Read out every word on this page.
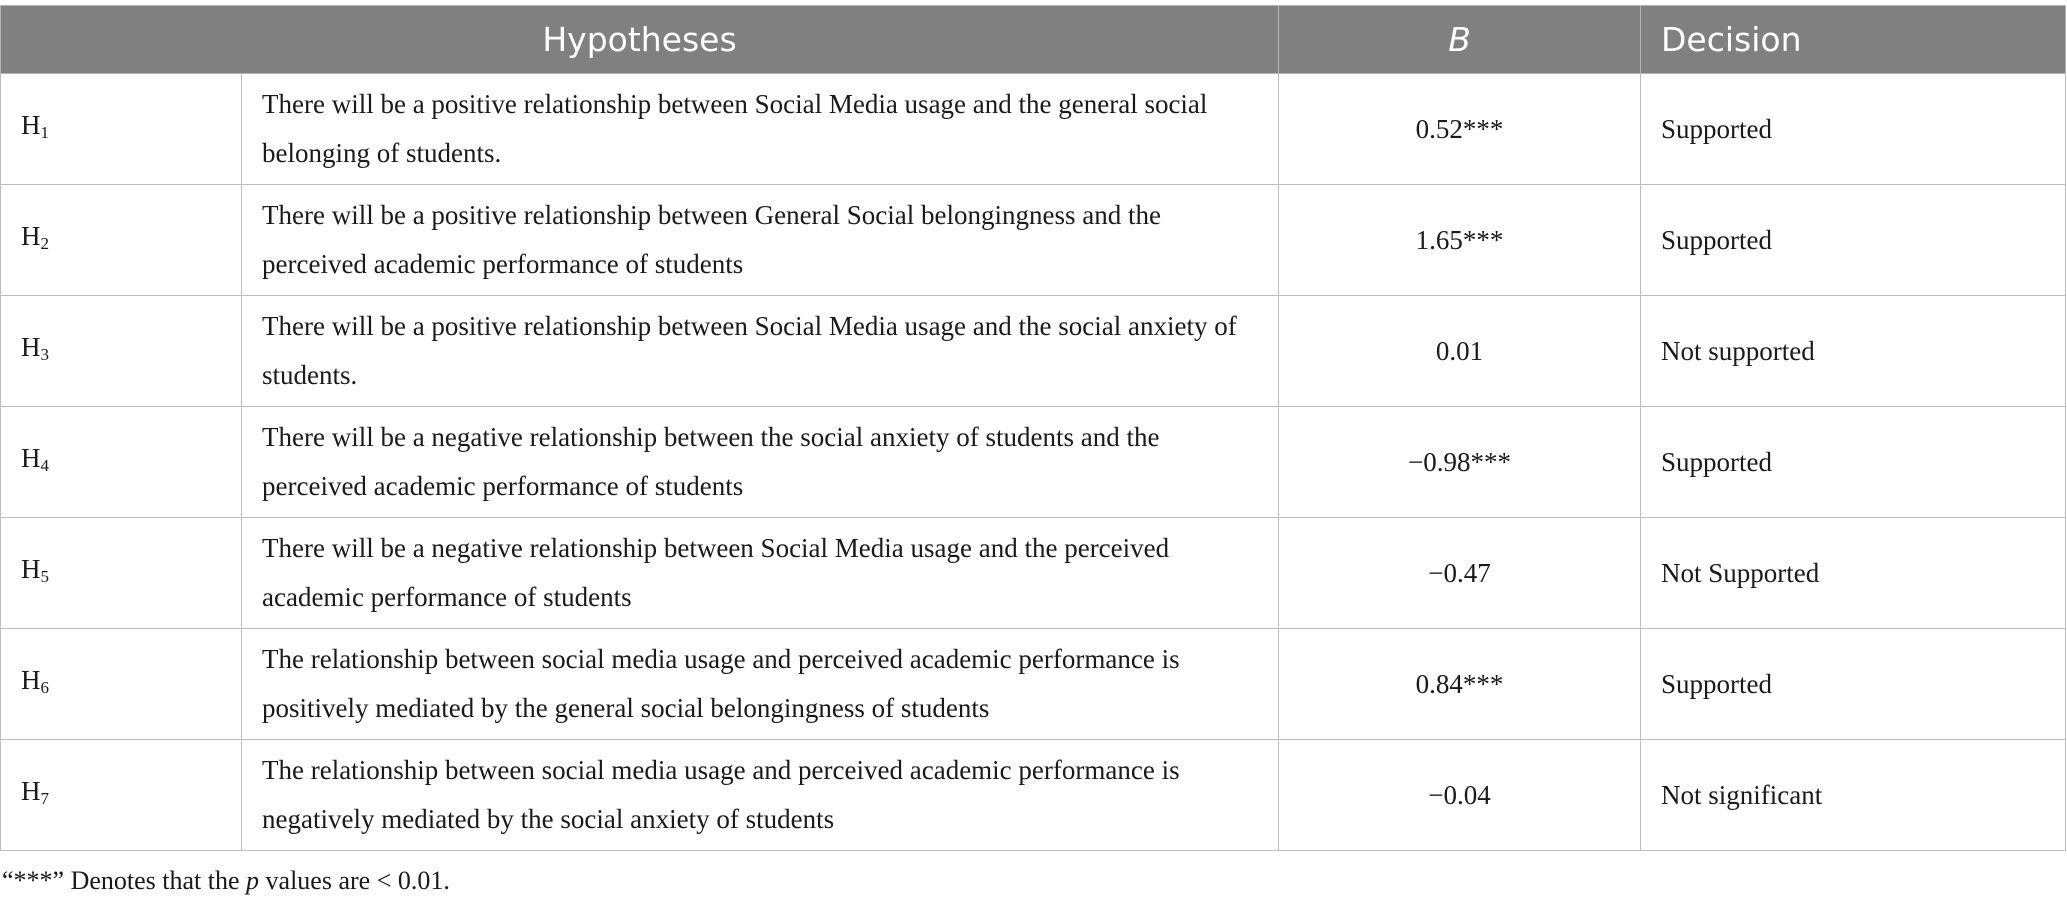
Hypotheses		B	Decision
$H_1$	There will be a positive relationship between Social Media usage and the general social belonging of students.	0.52***	Supported
$H_2$	There will be a positive relationship between General Social belongingness and the perceived academic performance of students	1.65***	Supported
$H_3$	There will be a positive relationship between Social Media usage and the social anxiety of students.	0.01	Not supported
$H_4$	There will be a negative relationship between the social anxiety of students and the perceived academic performance of students	−0.98***	Supported
$H_5$	There will be a negative relationship between Social Media usage and the perceived academic performance of students	−0.47	Not Supported
$H_6$	The relationship between social media usage and perceived academic performance is positively mediated by the general social belongingness of students	0.84***	Supported
$H_7$	The relationship between social media usage and perceived academic performance is negatively mediated by the social anxiety of students	−0.04	Not significant
“***” Denotes that the p values are < 0.01.
